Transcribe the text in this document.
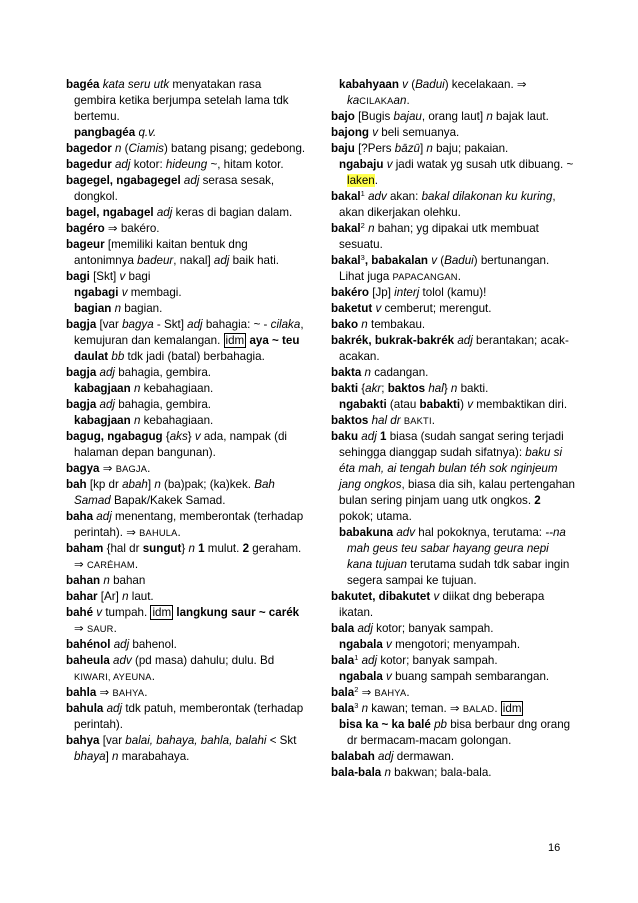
bagéa kata seru utk menyatakan rasa gembira ketika berjumpa setelah lama tdk bertemu.

pangbagéa q.v.

bagedor n (Ciamis) batang pisang; gedebong.

bagedur adj kotor: hideung ~, hitam kotor.

bagegel, ngabagegel adj serasa sesak, dongkol.

bagel, ngabagel adj keras di bagian dalam.

bagéro ⇒ bakéro.

bageur [memiliki kaitan bentuk dng antonimnya badeur, nakal] adj baik hati.

bagi [Skt] v bagi

ngabagi v membagi.

bagian n bagian.

bagja [var bagya - Skt] adj bahagia: ~ - cilaka, kemujuran dan kemalangan. idm aya ~ teu daulat bb tdk jadi (batal) berbahagia.

bagja adj bahagia, gembira.

kabagjaan n kebahagiaan.

bagja adj bahagia, gembira.

kabagjaan n kebahagiaan.

bagug, ngabagug {aks} v ada, nampak (di halaman depan bangunan).

bagya ⇒ BAGJA.

bah [kp dr abah] n (ba)pak; (ka)kek. Bah Samad Bapak/Kakek Samad.

baha adj menentang, memberontak (terhadap perintah). ⇒ BAHULA.

baham {hal dr sungut} n 1 mulut. 2 geraham. ⇒ CARÉHAM.

bahan n bahan

bahar [Ar] n laut.

bahé v tumpah. idm langkung saur ~ carék ⇒ SAUR.

bahénol adj bahenol.

baheula adv (pd masa) dahulu; dulu. Bd KIWARI, AYEUNA.

bahla ⇒ BAHYA.

bahula adj tdk patuh, memberontak (terhadap perintah).

bahya [var balai, bahaya, bahla, balahi < Skt bhaya] n marabahaya.

kabahyaan v (Badui) kecelakaan. ⇒ kaCILAKAan.

bajo [Bugis bajau, orang laut] n bajak laut.

bajong v beli semuanya.

baju [?Pers bāzū] n baju; pakaian.

ngabaju v jadi watak yg susah utk dibuang. ~ laken.

bakal$^1$ adv akan: bakal dilakonan ku kuring, akan dikerjakan olehku.

bakal$^2$ n bahan; yg dipakai utk membuat sesuatu.

bakal$^3$, babakalan v (Badui) bertunangan. Lihat juga PAPACANGAN.

bakéro [Jp] interj tolol (kamu)!

baketut v cemberut; merengut.

bako n tembakau.

bakrék, bukrak-bakrék adj berantakan; acak-acakan.

bakta n cadangan.

bakti {akr; baktos hal} n bakti.

ngabakti (atau babakti) v membaktikan diri.

baktos hal dr BAKTI.

baku adj 1 biasa (sudah sangat sering terjadi sehingga dianggap sudah sifatnya): baku si éta mah, ai tengah bulan téh sok nginjeum jang ongkos, biasa dia sih, kalau pertengahan bulan sering pinjam uang utk ongkos. 2 pokok; utama.

babakuna adv hal pokoknya, terutama: --na mah geus teu sabar hayang geura nepi kana tujuan terutama sudah tdk sabar ingin segera sampai ke tujuan.

bakutet, dibakutet v diikat dng beberapa ikatan.

bala adj kotor; banyak sampah.

ngabala v mengotori; menyampah.

bala$^1$ adj kotor; banyak sampah.

ngabala v buang sampah sembarangan.

bala$^2$ ⇒ BAHYA.

bala$^3$ n kawan; teman. ⇒ BALAD. idm

bisa ka ~ ka balé pb bisa berbaur dng orang dr bermacam-macam golongan.

balabah adj dermawan.

bala-bala n bakwan; bala-bala.

16
